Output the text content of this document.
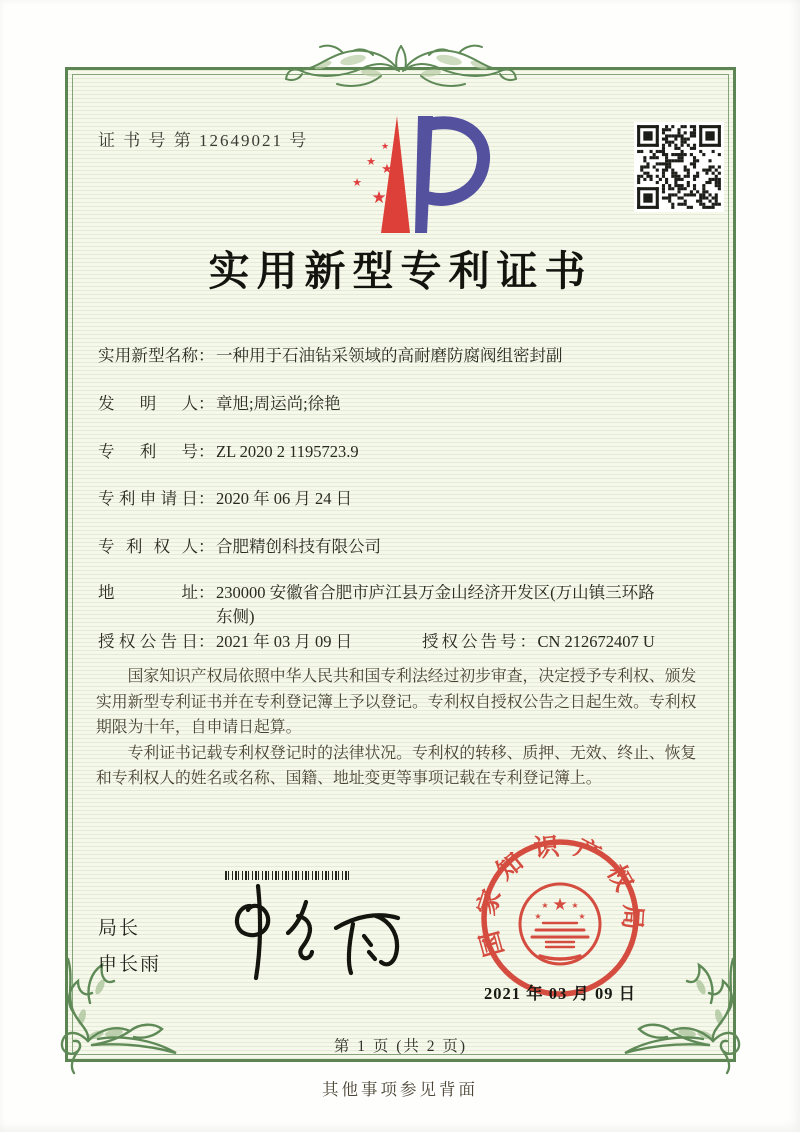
证 书 号 第 12649021 号	★
★
★
★
★
实用新型专利证书
实用新型名称 ： 一种用于石油钻采领域的高耐磨防腐阀组密封副
发明人 ： 章旭;周运尚;徐艳
专利号 ： ZL 2020 2 1195723.9
专利申请日 ： 2020 年 06 月 24 日
专利权人 ： 合肥精创科技有限公司
地址 ： 230000 安徽省合肥市庐江县万金山经济开发区(万山镇三环路东侧)
授权公告日 ： 2021 年 03 月 09 日	授权公告号 ： CN 212672407 U

国家知识产权局依照中华人民共和国专利法经过初步审查，决定授予专利权、颁发实用新型专利证书并在专利登记簿上予以登记。专利权自授权公告之日起生效。专利权期限为十年，自申请日起算。

专利证书记载专利权登记时的法律状况。专利权的转移、质押、无效、终止、恢复和专利权人的姓名或名称、国籍、地址变更等事项记载在专利登记簿上。

局长
申长雨
国家知识产权局
★
★	★
★	★
2021 年 03 月 09 日
第 1 页 (共 2 页)
其他事项参见背面
